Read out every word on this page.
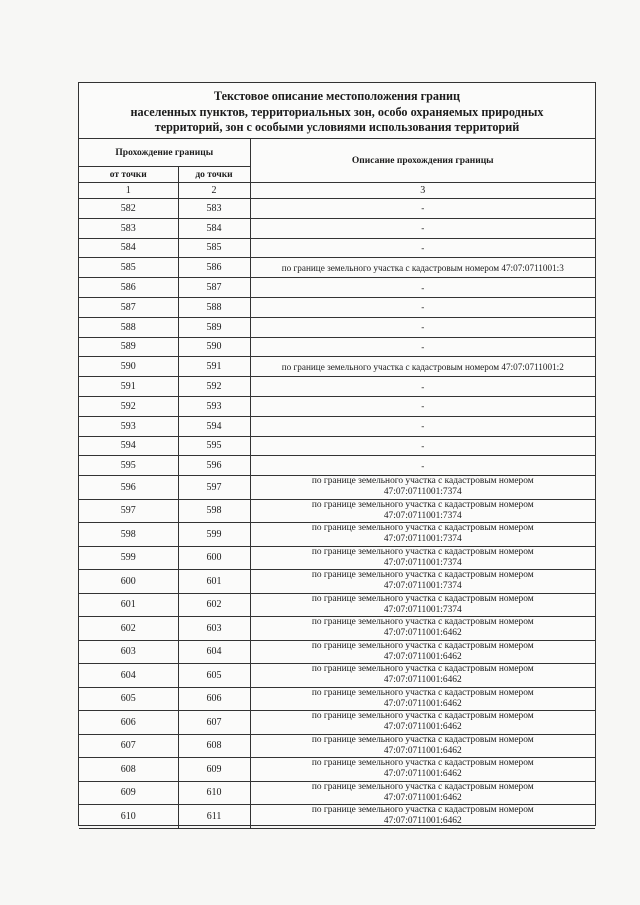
Текстовое описание местоположения границ
населенных пунктов, территориальных зон, особо охраняемых природных
территорий, зон с особыми условиями использования территорий
Прохождение границы		Описание прохождения границы
от точки	до точки	
1	2	3
582	583	-
583	584	-
584	585	-
585	586	по границе земельного участка с кадастровым номером 47:07:0711001:3
586	587	-
587	588	-
588	589	-
589	590	-
590	591	по границе земельного участка с кадастровым номером 47:07:0711001:2
591	592	-
592	593	-
593	594	-
594	595	-
595	596	-
596	597	по границе земельного участка с кадастровым номером
47:07:0711001:7374

597	598	по границе земельного участка с кадастровым номером
47:07:0711001:7374

598	599	по границе земельного участка с кадастровым номером
47:07:0711001:7374

599	600	по границе земельного участка с кадастровым номером
47:07:0711001:7374

600	601	по границе земельного участка с кадастровым номером
47:07:0711001:7374

601	602	по границе земельного участка с кадастровым номером
47:07:0711001:7374

602	603	по границе земельного участка с кадастровым номером
47:07:0711001:6462

603	604	по границе земельного участка с кадастровым номером
47:07:0711001:6462

604	605	по границе земельного участка с кадастровым номером
47:07:0711001:6462

605	606	по границе земельного участка с кадастровым номером
47:07:0711001:6462

606	607	по границе земельного участка с кадастровым номером
47:07:0711001:6462

607	608	по границе земельного участка с кадастровым номером
47:07:0711001:6462

608	609	по границе земельного участка с кадастровым номером
47:07:0711001:6462

609	610	по границе земельного участка с кадастровым номером
47:07:0711001:6462

610	611	по границе земельного участка с кадастровым номером
47:07:0711001:6462
